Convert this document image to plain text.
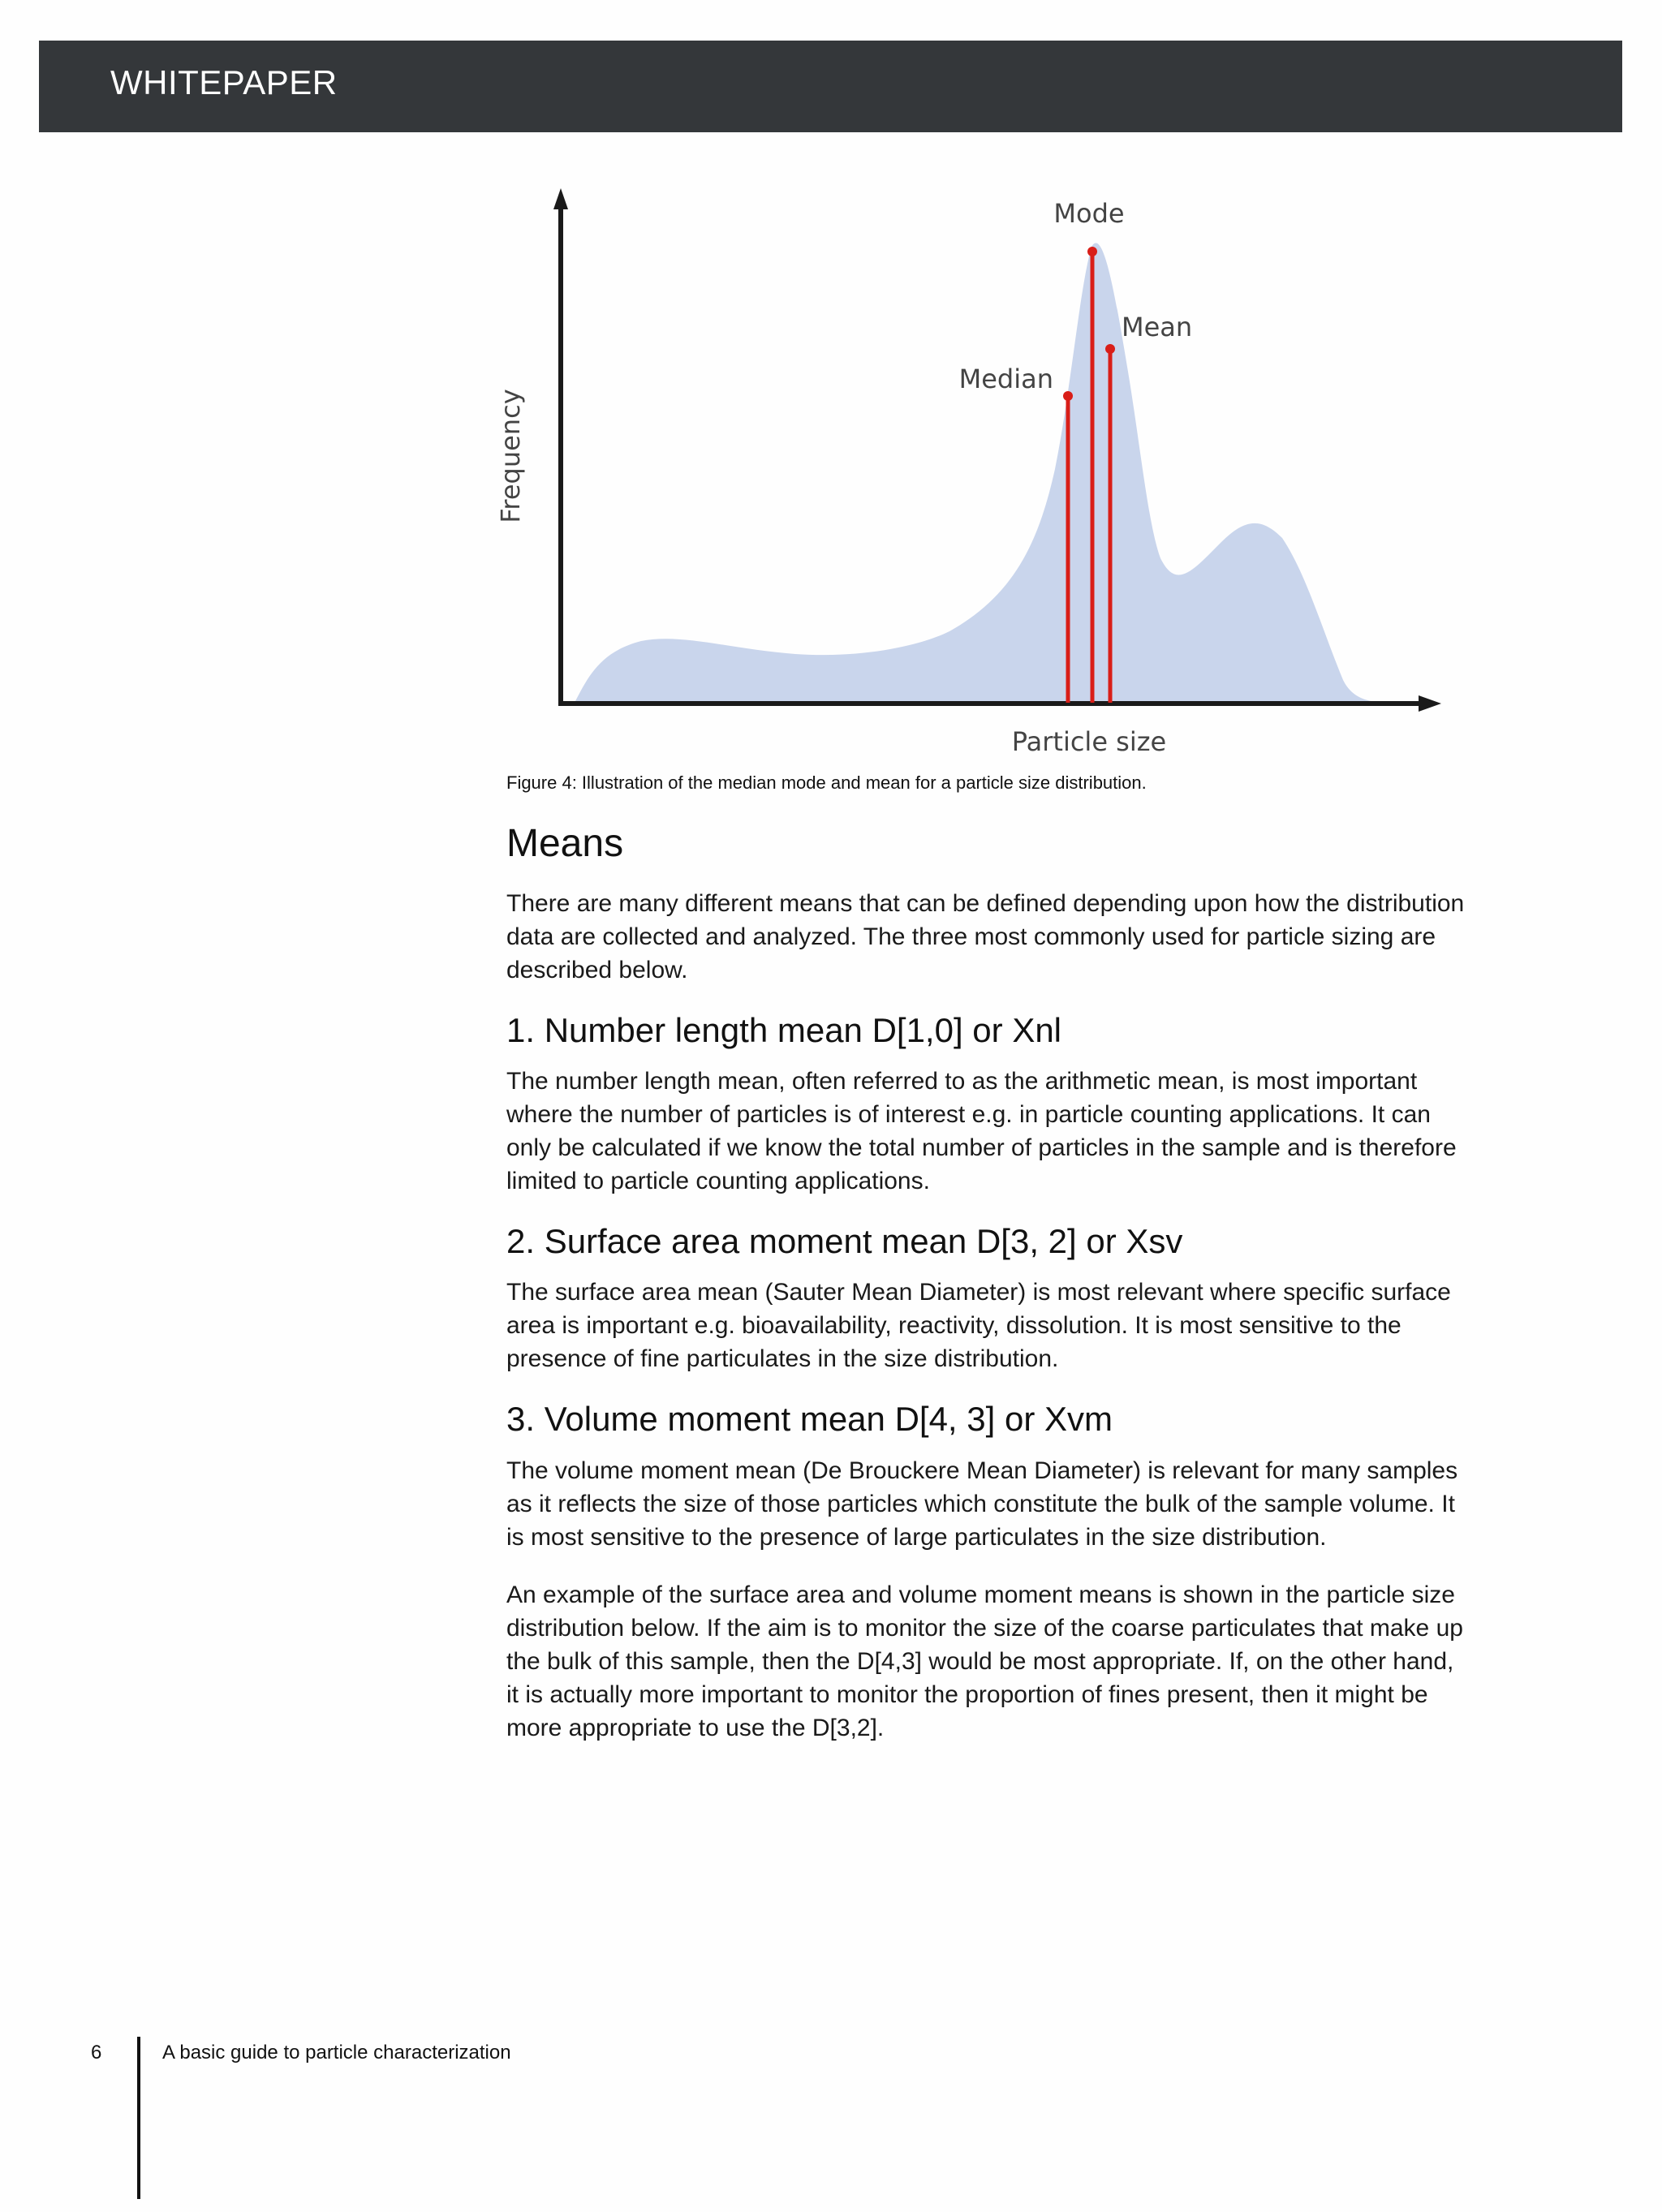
WHITEPAPER
Mode
Mean
Median
Particle size
Frequency
Figure 4: Illustration of the median mode and mean for a particle size distribution.
Means

There are many different means that can be defined depending upon how the distribution data are collected and analyzed. The three most commonly used for particle sizing are described below.

1. Number length mean D[1,0] or Xnl

The number length mean, often referred to as the arithmetic mean, is most important where the number of particles is of interest e.g. in particle counting applications. It can only be calculated if we know the total number of particles in the sample and is therefore limited to particle counting applications.

2. Surface area moment mean D[3, 2] or Xsv

The surface area mean (Sauter Mean Diameter) is most relevant where specific surface area is important e.g. bioavailability, reactivity, dissolution. It is most sensitive to the presence of fine particulates in the size distribution.

3. Volume moment mean D[4, 3] or Xvm

The volume moment mean (De Brouckere Mean Diameter) is relevant for many samples as it reflects the size of those particles which constitute the bulk of the sample volume. It is most sensitive to the presence of large particulates in the size distribution.

An example of the surface area and volume moment means is shown in the particle size distribution below. If the aim is to monitor the size of the coarse particulates that make up the bulk of this sample, then the D[4,3] would be most appropriate. If, on the other hand, it is actually more important to monitor the proportion of fines present, then it might be more appropriate to use the D[3,2].

6	A basic guide to particle characterization
